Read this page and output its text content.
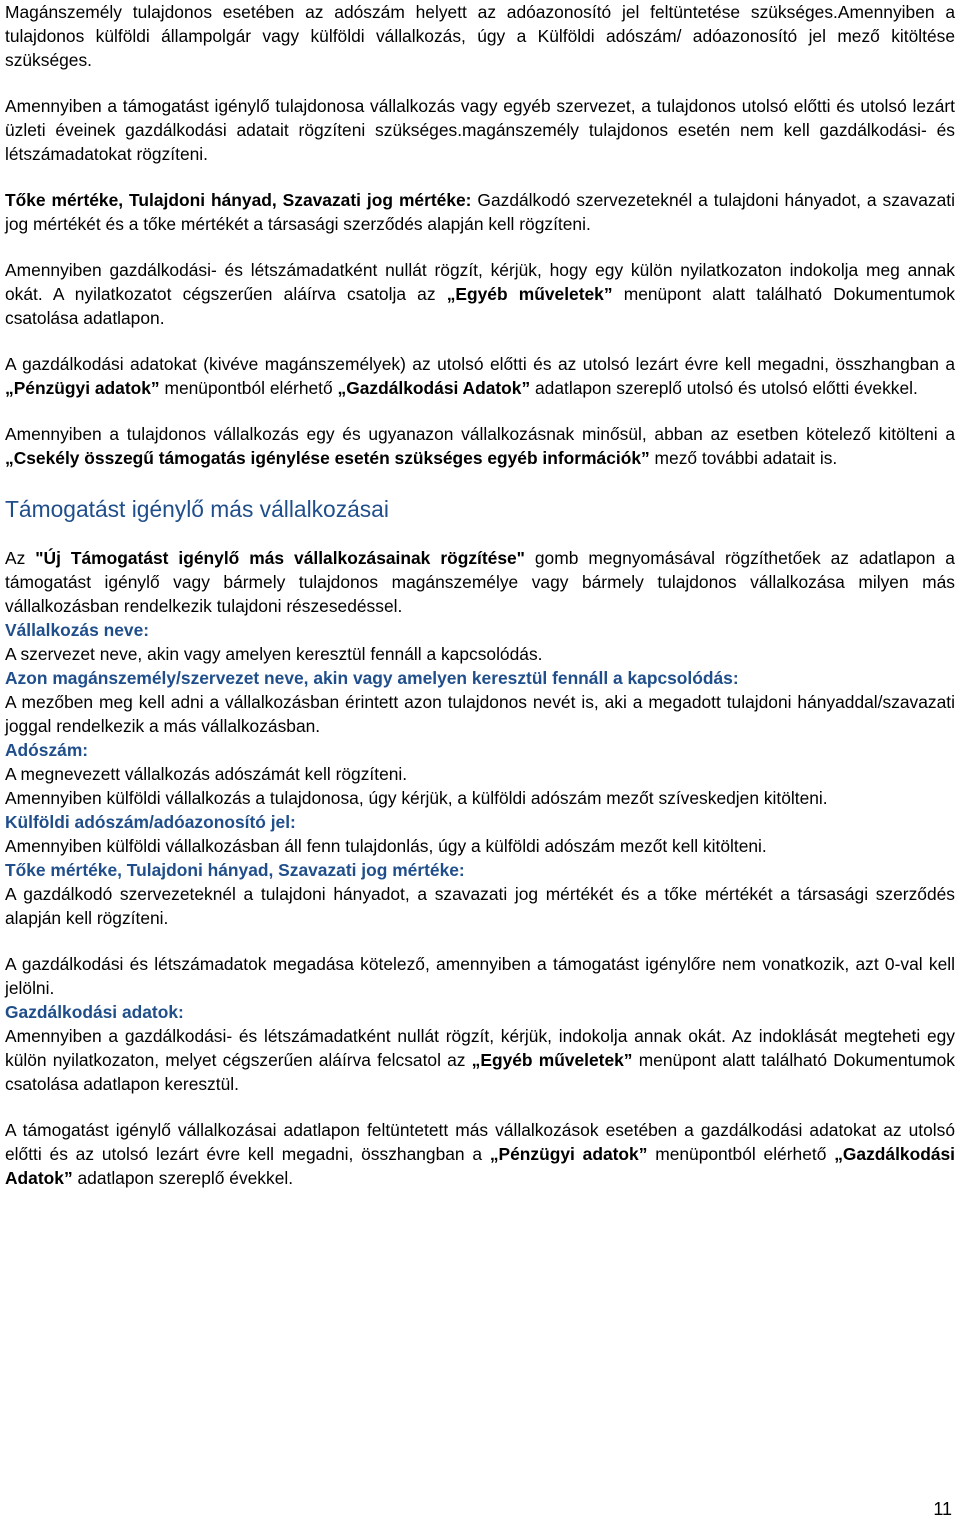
Magánszemély tulajdonos esetében az adószám helyett az adóazonosító jel feltüntetése szükséges.Amennyiben a tulajdonos külföldi állampolgár vagy külföldi vállalkozás, úgy a Külföldi adószám/ adóazonosító jel mező kitöltése szükséges.

Amennyiben a támogatást igénylő tulajdonosa vállalkozás vagy egyéb szervezet, a tulajdonos utolsó előtti és utolsó lezárt üzleti éveinek gazdálkodási adatait rögzíteni szükséges.magánszemély tulajdonos esetén nem kell gazdálkodási- és létszámadatokat rögzíteni.

Tőke mértéke, Tulajdoni hányad, Szavazati jog mértéke: Gazdálkodó szervezeteknél a tulajdoni hányadot, a szavazati jog mértékét és a tőke mértékét a társasági szerződés alapján kell rögzíteni.

Amennyiben gazdálkodási- és létszámadatként nullát rögzít, kérjük, hogy egy külön nyilatkozaton indokolja meg annak okát. A nyilatkozatot cégszerűen aláírva csatolja az „Egyéb műveletek” menüpont alatt található Dokumentumok csatolása adatlapon.

A gazdálkodási adatokat (kivéve magánszemélyek) az utolsó előtti és az utolsó lezárt évre kell megadni, összhangban a „Pénzügyi adatok” menüpontból elérhető „Gazdálkodási Adatok” adatlapon szereplő utolsó és utolsó előtti évekkel.

Amennyiben a tulajdonos vállalkozás egy és ugyanazon vállalkozásnak minősül, abban az esetben kötelező kitölteni a „Csekély összegű támogatás igénylése esetén szükséges egyéb információk” mező további adatait is.

Támogatást igénylő más vállalkozásai

Az "Új Támogatást igénylő más vállalkozásainak rögzítése" gomb megnyomásával rögzíthetőek az adatlapon a támogatást igénylő vagy bármely tulajdonos magánszemélye vagy bármely tulajdonos vállalkozása milyen más vállalkozásban rendelkezik tulajdoni részesedéssel.

Vállalkozás neve:

A szervezet neve, akin vagy amelyen keresztül fennáll a kapcsolódás.

Azon magánszemély/szervezet neve, akin vagy amelyen keresztül fennáll a kapcsolódás:

A mezőben meg kell adni a vállalkozásban érintett azon tulajdonos nevét is, aki a megadott tulajdoni hányaddal/szavazati joggal rendelkezik a más vállalkozásban.

Adószám:

A megnevezett vállalkozás adószámát kell rögzíteni.

Amennyiben külföldi vállalkozás a tulajdonosa, úgy kérjük, a külföldi adószám mezőt szíveskedjen kitölteni.

Külföldi adószám/adóazonosító jel:

Amennyiben külföldi vállalkozásban áll fenn tulajdonlás, úgy a külföldi adószám mezőt kell kitölteni.

Tőke mértéke, Tulajdoni hányad, Szavazati jog mértéke:

A gazdálkodó szervezeteknél a tulajdoni hányadot, a szavazati jog mértékét és a tőke mértékét a társasági szerződés alapján kell rögzíteni.

A gazdálkodási és létszámadatok megadása kötelező, amennyiben a támogatást igénylőre nem vonatkozik, azt 0-val kell jelölni.

Gazdálkodási adatok:

Amennyiben a gazdálkodási- és létszámadatként nullát rögzít, kérjük, indokolja annak okát. Az indoklását megteheti egy külön nyilatkozaton, melyet cégszerűen aláírva felcsatol az „Egyéb műveletek” menüpont alatt található Dokumentumok csatolása adatlapon keresztül.

A támogatást igénylő vállalkozásai adatlapon feltüntetett más vállalkozások esetében a gazdálkodási adatokat az utolsó előtti és az utolsó lezárt évre kell megadni, összhangban a „Pénzügyi adatok” menüpontból elérhető „Gazdálkodási Adatok” adatlapon szereplő évekkel.

11
